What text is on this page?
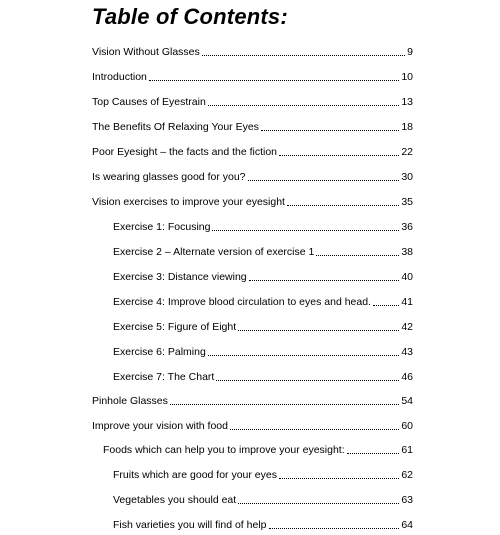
Table of Contents:
Vision Without Glasses	9
Introduction	10
Top Causes of Eyestrain	13
The Benefits Of Relaxing Your Eyes	18
Poor Eyesight – the facts and the fiction	22
Is wearing glasses good for you?	30
Vision exercises to improve your eyesight	35
Exercise 1: Focusing	36
Exercise 2 – Alternate version of exercise 1	38
Exercise 3: Distance viewing	40
Exercise 4: Improve blood circulation to eyes and head.	41
Exercise 5: Figure of Eight	42
Exercise 6: Palming	43
Exercise 7: The Chart	46
Pinhole Glasses	54
Improve your vision with food	60
Foods which can help you to improve your eyesight:	61
Fruits which are good for your eyes	62
Vegetables you should eat	63
Fish varieties you will find of help	64
